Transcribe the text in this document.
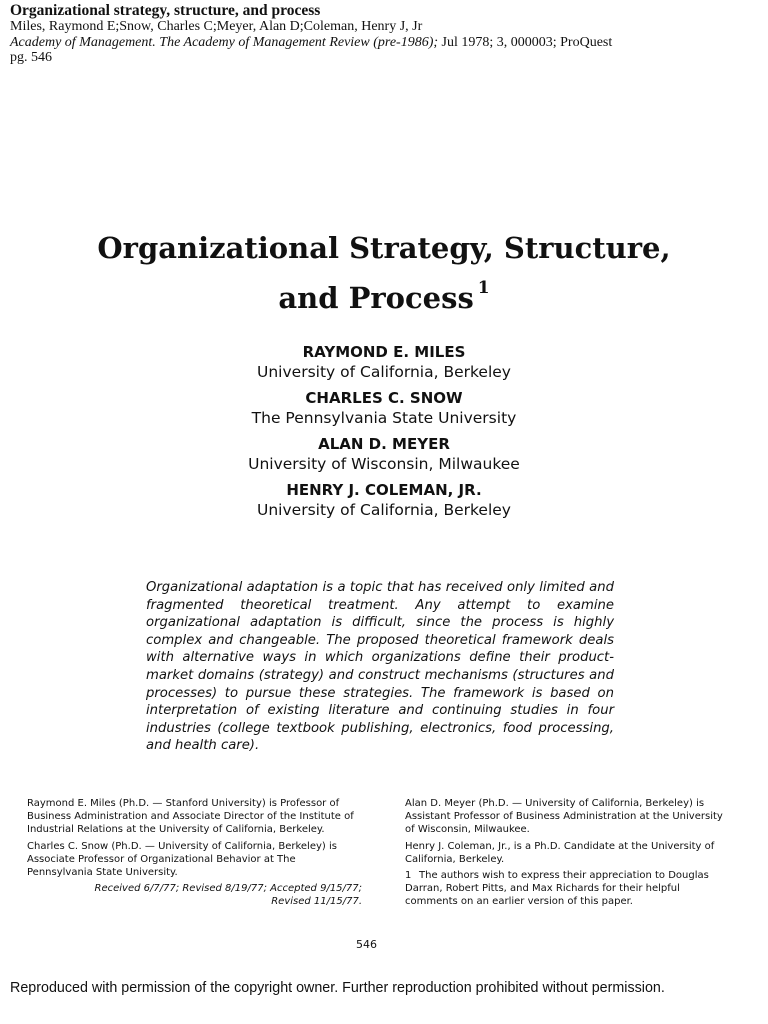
Organizational strategy, structure, and process
Miles, Raymond E;Snow, Charles C;Meyer, Alan D;Coleman, Henry J, Jr
Academy of Management. The Academy of Management Review (pre-1986); Jul 1978; 3, 000003; ProQuest
pg. 546
Organizational Strategy, Structure,
and Process $^1$
RAYMOND E. MILES
University of California, Berkeley
CHARLES C. SNOW
The Pennsylvania State University
ALAN D. MEYER
University of Wisconsin, Milwaukee
HENRY J. COLEMAN, JR.
University of California, Berkeley
Organizational adaptation is a topic that has received only limited and fragmented theoretical treatment. Any attempt to examine organizational adaptation is difficult, since the process is highly complex and changeable. The proposed theoretical framework deals with alternative ways in which organizations define their product-market domains (strategy) and construct mechanisms (structures and processes) to pursue these strategies. The framework is based on interpretation of existing literature and continuing studies in four industries (college textbook publishing, electronics, food processing, and health care).

Raymond E. Miles (Ph.D. — Stanford University) is Professor of Business Administration and Associate Director of the Institute of Industrial Relations at the University of California, Berkeley.

Charles C. Snow (Ph.D. — University of California, Berkeley) is Associate Professor of Organizational Behavior at The Pennsylvania State University.

Received 6/7/77; Revised 8/19/77; Accepted 9/15/77;
Revised 11/15/77.

Alan D. Meyer (Ph.D. — University of California, Berkeley) is Assistant Professor of Business Administration at the University of Wisconsin, Milwaukee.

Henry J. Coleman, Jr., is a Ph.D. Candidate at the University of California, Berkeley.

1 The authors wish to express their appreciation to Douglas Darran, Robert Pitts, and Max Richards for their helpful comments on an earlier version of this paper.

546
Reproduced with permission of the copyright owner. Further reproduction prohibited without permission.
